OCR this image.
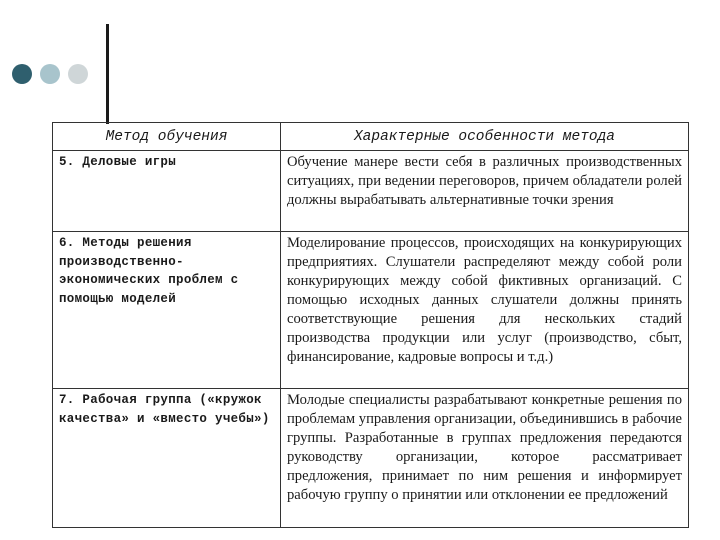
Метод обучения	Характерные особенности метода
5. Деловые игры	Обучение манере вести себя в различных производственных ситуациях, при ведении переговоров, причем обладатели ролей должны вырабатывать альтернативные точки зрения
6. Методы решения производственно-экономических проблем с помощью моделей	Моделирование процессов, происходящих на конкурирующих предприятиях. Слушатели распределяют между собой роли конкурирующих между собой фиктивных организаций. С помощью исходных данных слушатели должны принять соответствующие решения для нескольких стадий производства продукции или услуг (производство, сбыт, финансирование, кадровые вопросы и т.д.)
7. Рабочая группа («кружок качества» и «вместо учебы»)	Молодые специалисты разрабатывают конкретные решения по проблемам управления организации, объединившись в рабочие группы. Разработанные в группах предложения передаются руководству организации, которое рассматривает предложения, принимает по ним решения и информирует рабочую группу о принятии или отклонении ее предложений
